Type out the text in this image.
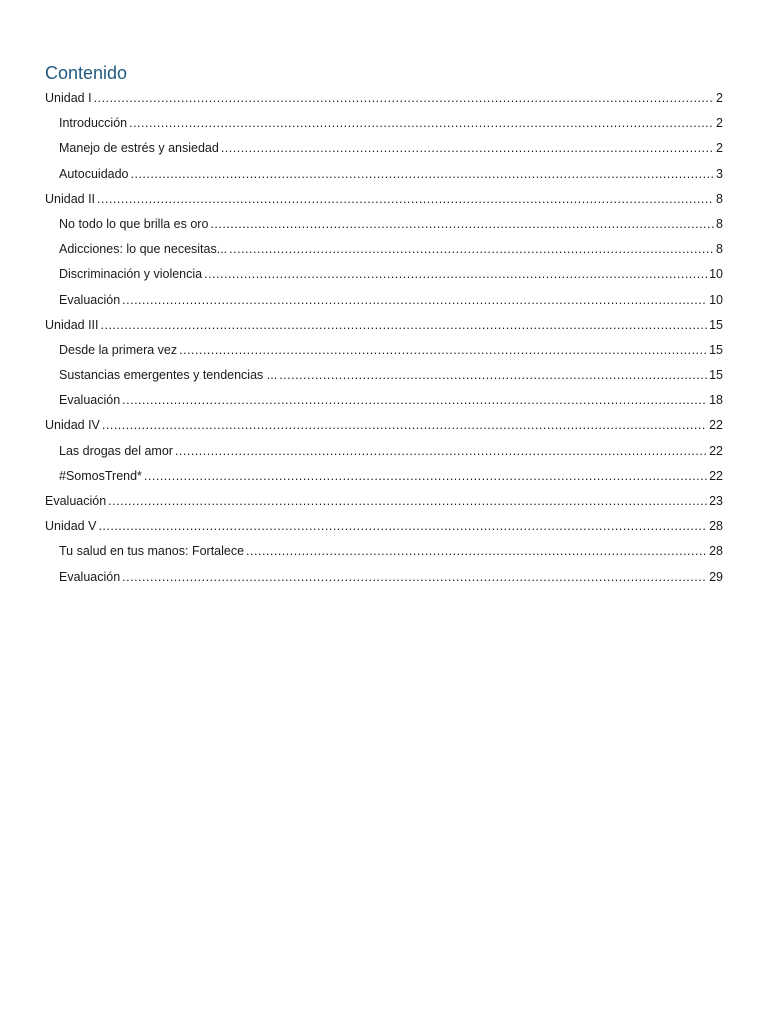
Contenido
Unidad I .....	2
Introducción .....	2
Manejo de estrés y ansiedad .....	2
Autocuidado .....	3
Unidad II .....	8
No todo lo que brilla es oro .....	8
Adicciones: lo que necesitas... .....	8
Discriminación y violencia .....	10
Evaluación .....	10
Unidad III .....	15
Desde la primera vez .....	15
Sustancias emergentes y tendencias ... .....	15
Evaluación .....	18
Unidad IV .....	22
Las drogas del amor .....	22
#SomosTrend* .....	22
Evaluación .....	23
Unidad V .....	28
Tu salud en tus manos: Fortalece .....	28
Evaluación .....	29
